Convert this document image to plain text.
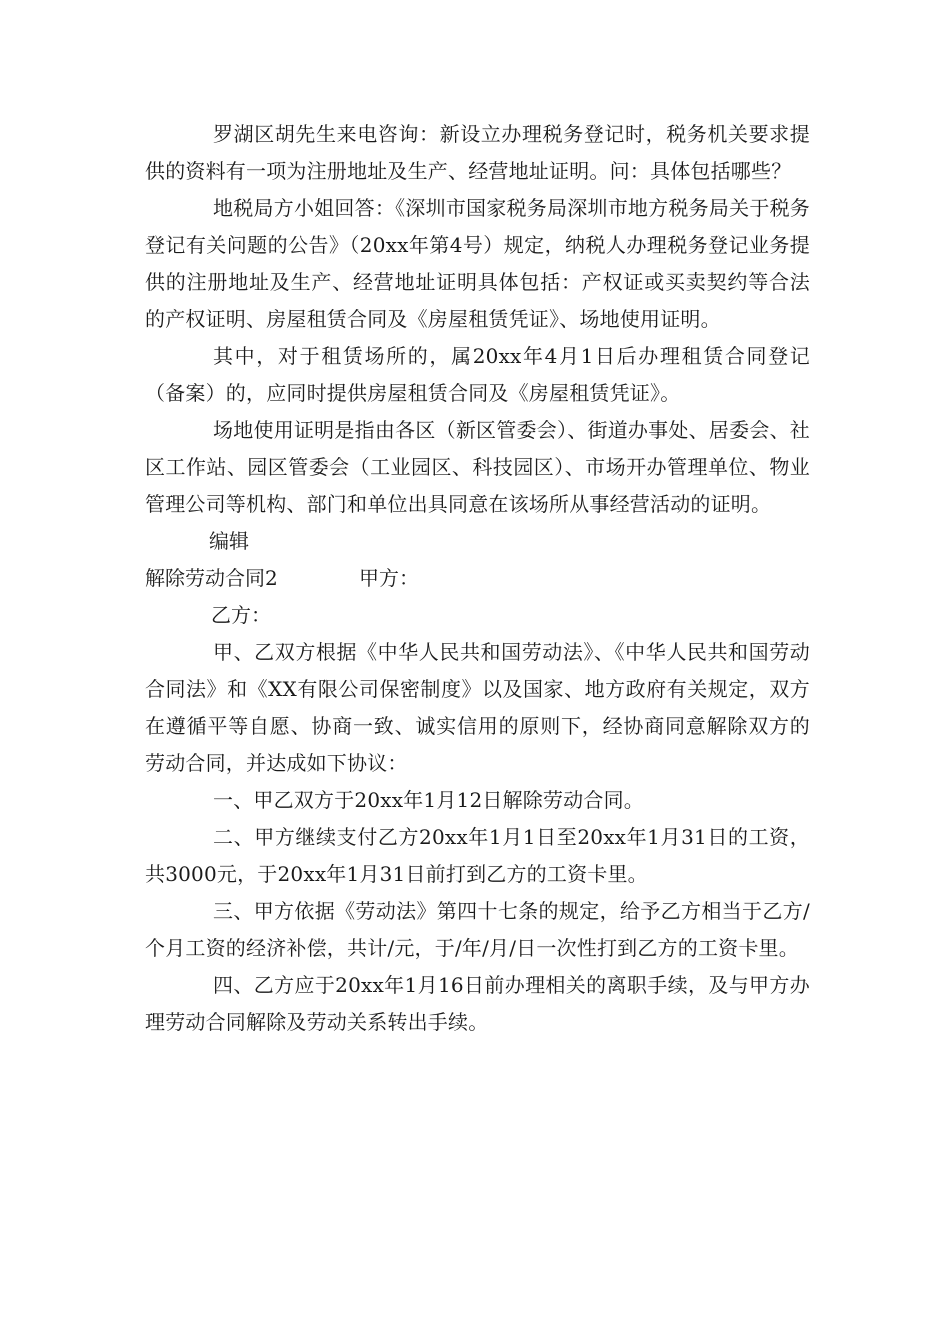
罗湖区胡先生来电咨询：新设立办理税务登记时，税务机关要求提供的资料有一项为注册地址及生产、经营地址证明。问：具体包括哪些？

地税局方小姐回答：《深圳市国家税务局深圳市地方税务局关于税务登记有关问题的公告》（20xx年第4号）规定，纳税人办理税务登记业务提供的注册地址及生产、经营地址证明具体包括：产权证或买卖契约等合法的产权证明、房屋租赁合同及《房屋租赁凭证》、场地使用证明。

其中，对于租赁场所的，属20xx年4月1日后办理租赁合同登记（备案）的，应同时提供房屋租赁合同及《房屋租赁凭证》。

场地使用证明是指由各区（新区管委会）、街道办事处、居委会、社区工作站、园区管委会（工业园区、科技园区）、市场开办管理单位、物业管理公司等机构、部门和单位出具同意在该场所从事经营活动的证明。

编辑

解除劳动合同2	甲方：

乙方：

甲、乙双方根据《中华人民共和国劳动法》、《中华人民共和国劳动合同法》和《XX有限公司保密制度》以及国家、地方政府有关规定，双方在遵循平等自愿、协商一致、诚实信用的原则下，经协商同意解除双方的劳动合同，并达成如下协议：

一、甲乙双方于20xx年1月12日解除劳动合同。

二、甲方继续支付乙方20xx年1月1日至20xx年1月31日的工资，共3000元，于20xx年1月31日前打到乙方的工资卡里。

三、甲方依据《劳动法》第四十七条的规定，给予乙方相当于乙方/个月工资的经济补偿，共计/元，于/年/月/日一次性打到乙方的工资卡里。

四、乙方应于20xx年1月16日前办理相关的离职手续，及与甲方办理劳动合同解除及劳动关系转出手续。
